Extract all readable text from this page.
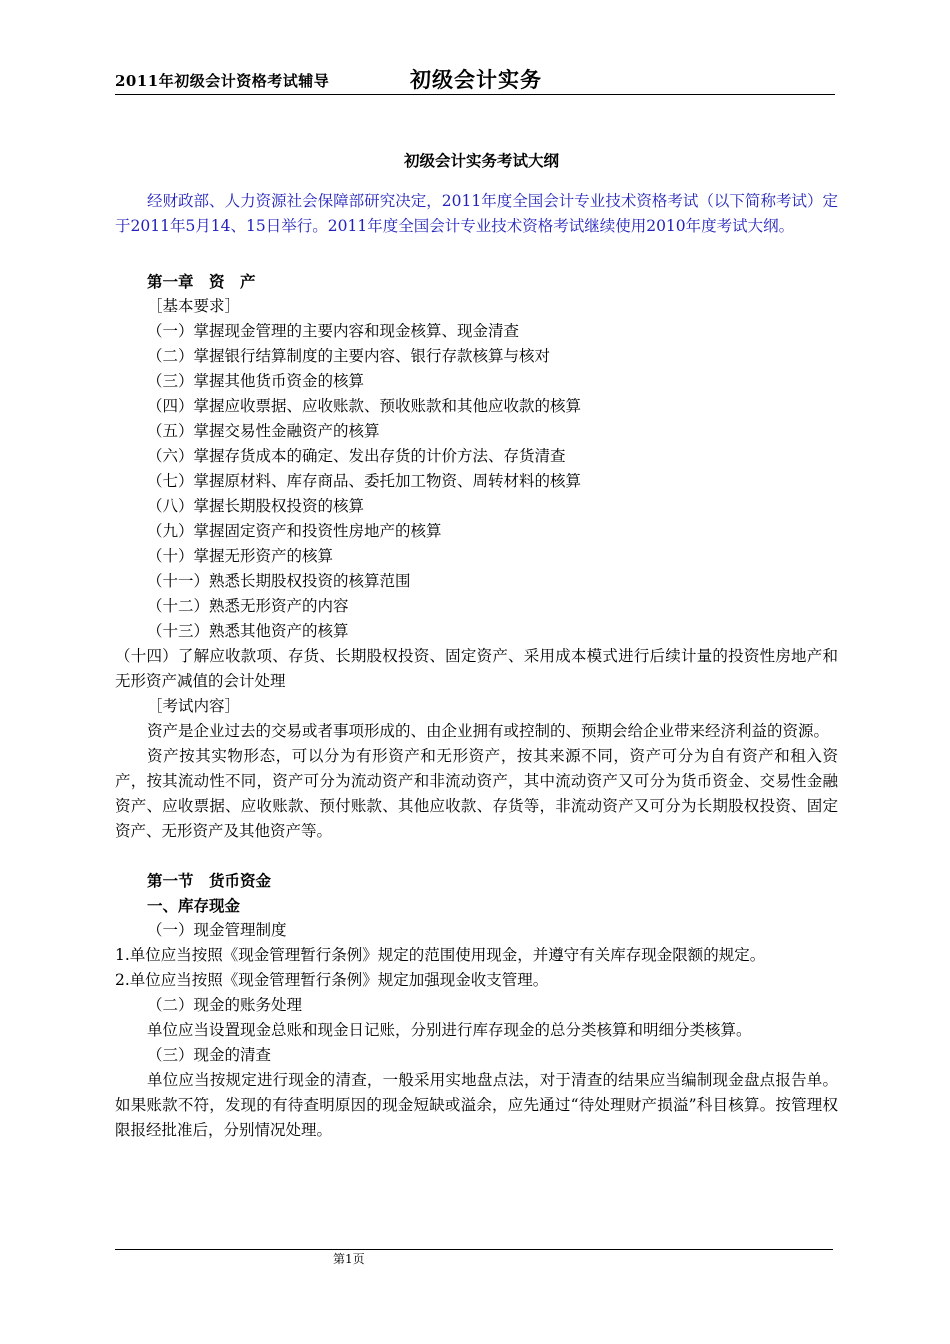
2011年初级会计资格考试辅导	初级会计实务

初级会计实务考试大纲

经财政部、人力资源社会保障部研究决定，2011年度全国会计专业技术资格考试（以下简称考试）定于2011年5月14、15日举行。2011年度全国会计专业技术资格考试继续使用2010年度考试大纲。

第一章　资　产

［基本要求］

（一）掌握现金管理的主要内容和现金核算、现金清查

（二）掌握银行结算制度的主要内容、银行存款核算与核对

（三）掌握其他货币资金的核算

（四）掌握应收票据、应收账款、预收账款和其他应收款的核算

（五）掌握交易性金融资产的核算

（六）掌握存货成本的确定、发出存货的计价方法、存货清查

（七）掌握原材料、库存商品、委托加工物资、周转材料的核算

（八）掌握长期股权投资的核算

（九）掌握固定资产和投资性房地产的核算

（十）掌握无形资产的核算

（十一）熟悉长期股权投资的核算范围

（十二）熟悉无形资产的内容

（十三）熟悉其他资产的核算

（十四）了解应收款项、存货、长期股权投资、固定资产、采用成本模式进行后续计量的投资性房地产和无形资产减值的会计处理

［考试内容］

资产是企业过去的交易或者事项形成的、由企业拥有或控制的、预期会给企业带来经济利益的资源。

资产按其实物形态，可以分为有形资产和无形资产，按其来源不同，资产可分为自有资产和租入资产，按其流动性不同，资产可分为流动资产和非流动资产，其中流动资产又可分为货币资金、交易性金融资产、应收票据、应收账款、预付账款、其他应收款、存货等，非流动资产又可分为长期股权投资、固定资产、无形资产及其他资产等。

第一节　货币资金

一、库存现金

（一）现金管理制度

1.单位应当按照《现金管理暂行条例》规定的范围使用现金，并遵守有关库存现金限额的规定。

2.单位应当按照《现金管理暂行条例》规定加强现金收支管理。

（二）现金的账务处理

单位应当设置现金总账和现金日记账，分别进行库存现金的总分类核算和明细分类核算。

（三）现金的清查

单位应当按规定进行现金的清查，一般采用实地盘点法，对于清查的结果应当编制现金盘点报告单。如果账款不符，发现的有待查明原因的现金短缺或溢余，应先通过“待处理财产损溢”科目核算。按管理权限报经批准后，分别情况处理。

第1页
